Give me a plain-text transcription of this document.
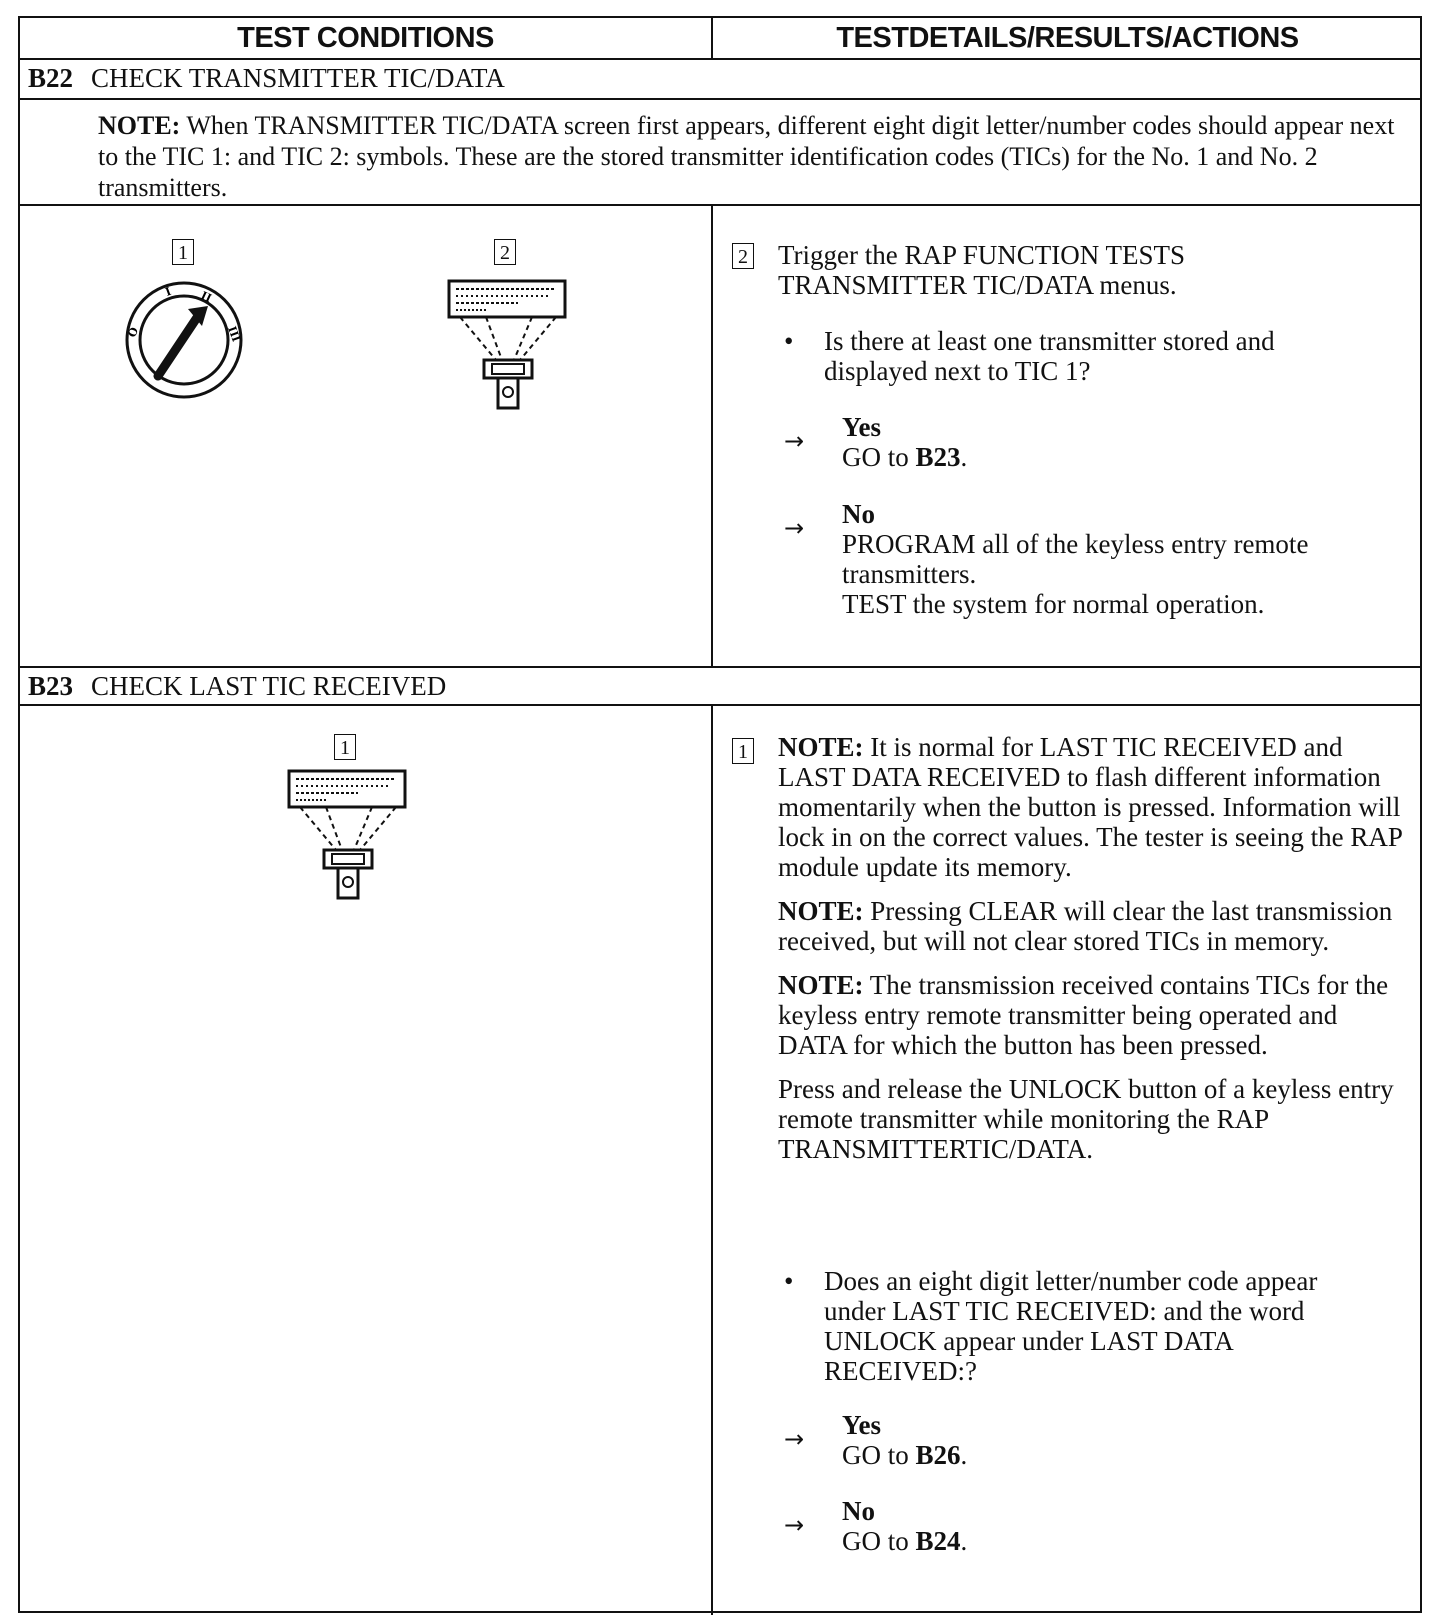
TEST CONDITIONS	TESTDETAILS/RESULTS/ACTIONS
B22 CHECK TRANSMITTER TIC/DATA
NOTE: When TRANSMITTER TIC/DATA screen first appears, different eight digit letter/number codes should appear next to the TIC 1: and TIC 2: symbols. These are the stored transmitter identification codes (TICs) for the No. 1 and No. 2 transmitters.
1
O
I II
III
2	2 Trigger the RAP FUNCTION TESTS TRANSMITTER TIC/DATA menus.
• Is there at least one transmitter stored and displayed next to TIC 1?
→ Yes
GO to B23.
→ No
PROGRAM all of the keyless entry remote transmitters.
TEST the system for normal operation.
B23 CHECK LAST TIC RECEIVED
1	1 NOTE: It is normal for LAST TIC RECEIVED and LAST DATA RECEIVED to flash different information momentarily when the button is pressed. Information will lock in on the correct values. The tester is seeing the RAP module update its memory.

NOTE: Pressing CLEAR will clear the last transmission received, but will not clear stored TICs in memory.

NOTE: The transmission received contains TICs for the keyless entry remote transmitter being operated and DATA for which the button has been pressed.

Press and release the UNLOCK button of a keyless entry remote transmitter while monitoring the RAP TRANSMITTERTIC/DATA.

• Does an eight digit letter/number code appear under LAST TIC RECEIVED: and the word UNLOCK appear under LAST DATA RECEIVED:?
→ Yes
GO to B26.
→ No
GO to B24.
